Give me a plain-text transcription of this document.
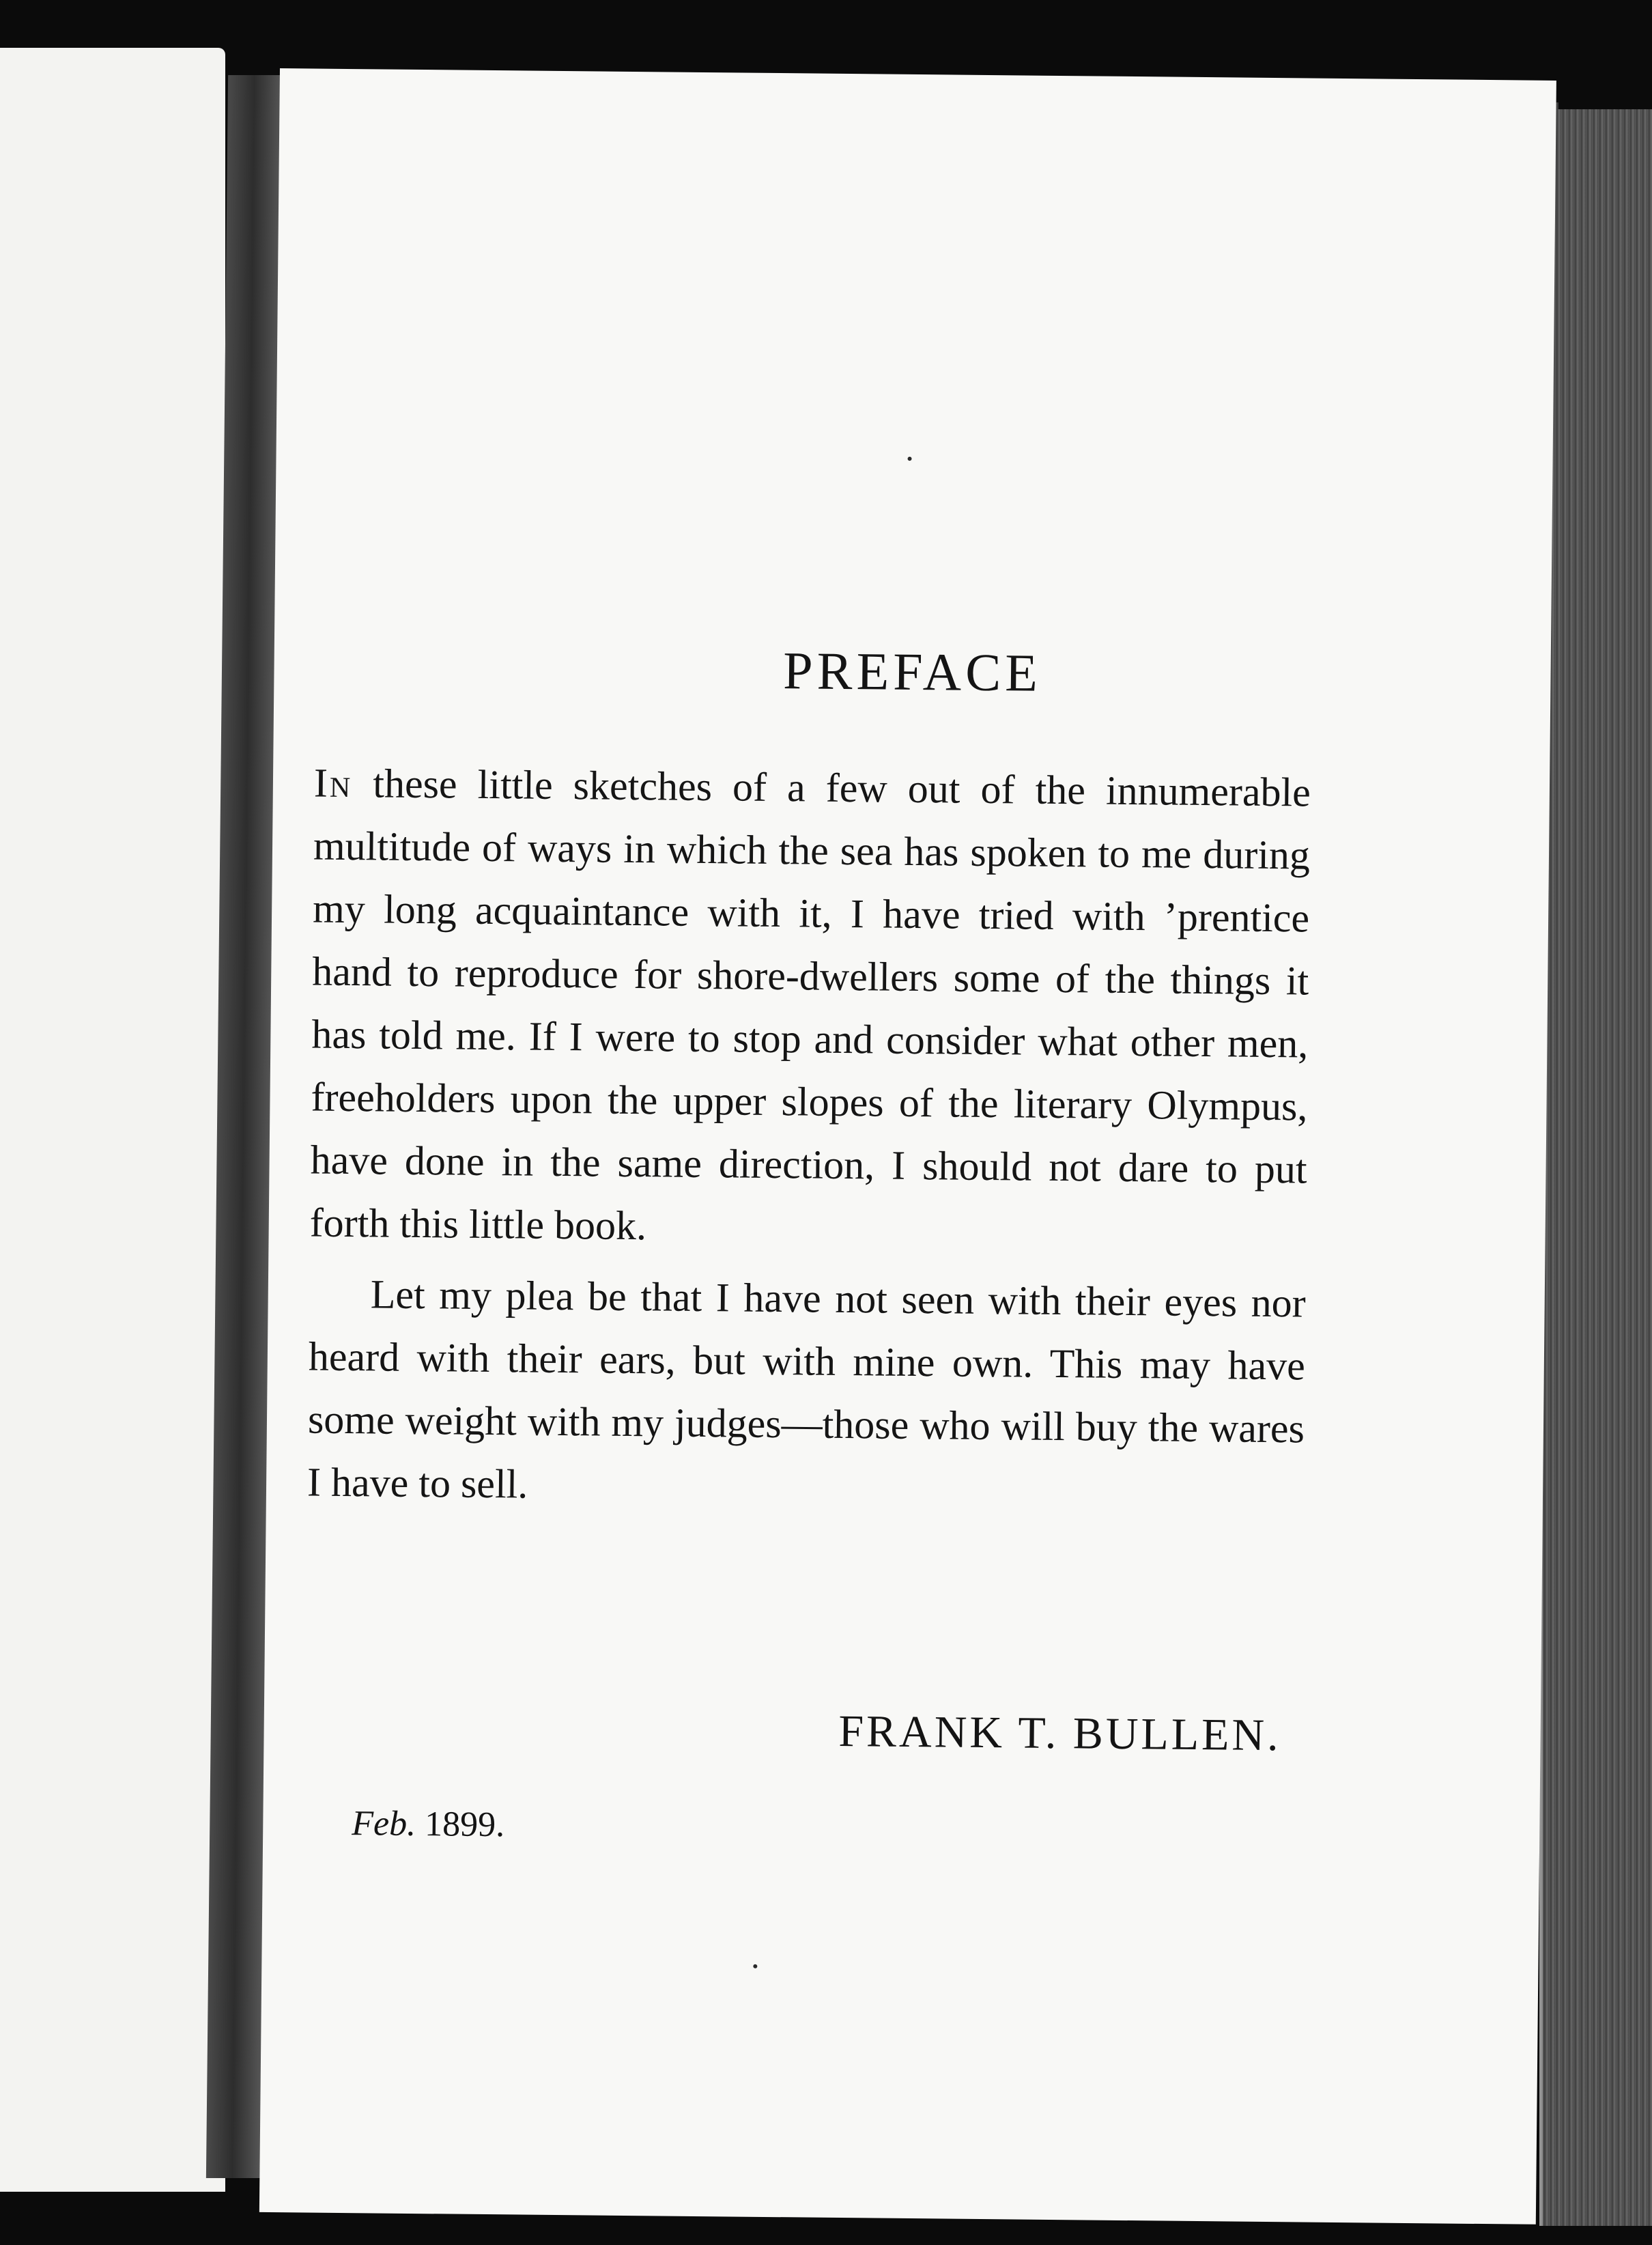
PREFACE

In these little sketches of a few out of the innumerable multitude of ways in which the sea has spoken to me during my long acquaintance with it, I have tried with ’prentice hand to reproduce for shore-dwellers some of the things it has told me. If I were to stop and consider what other men, freeholders upon the upper slopes of the literary Olympus, have done in the same direction, I should not dare to put forth this little book.

Let my plea be that I have not seen with their eyes nor heard with their ears, but with mine own. This may have some weight with my judges—those who will buy the wares I have to sell.

FRANK T. BULLEN.
Feb. 1899.
